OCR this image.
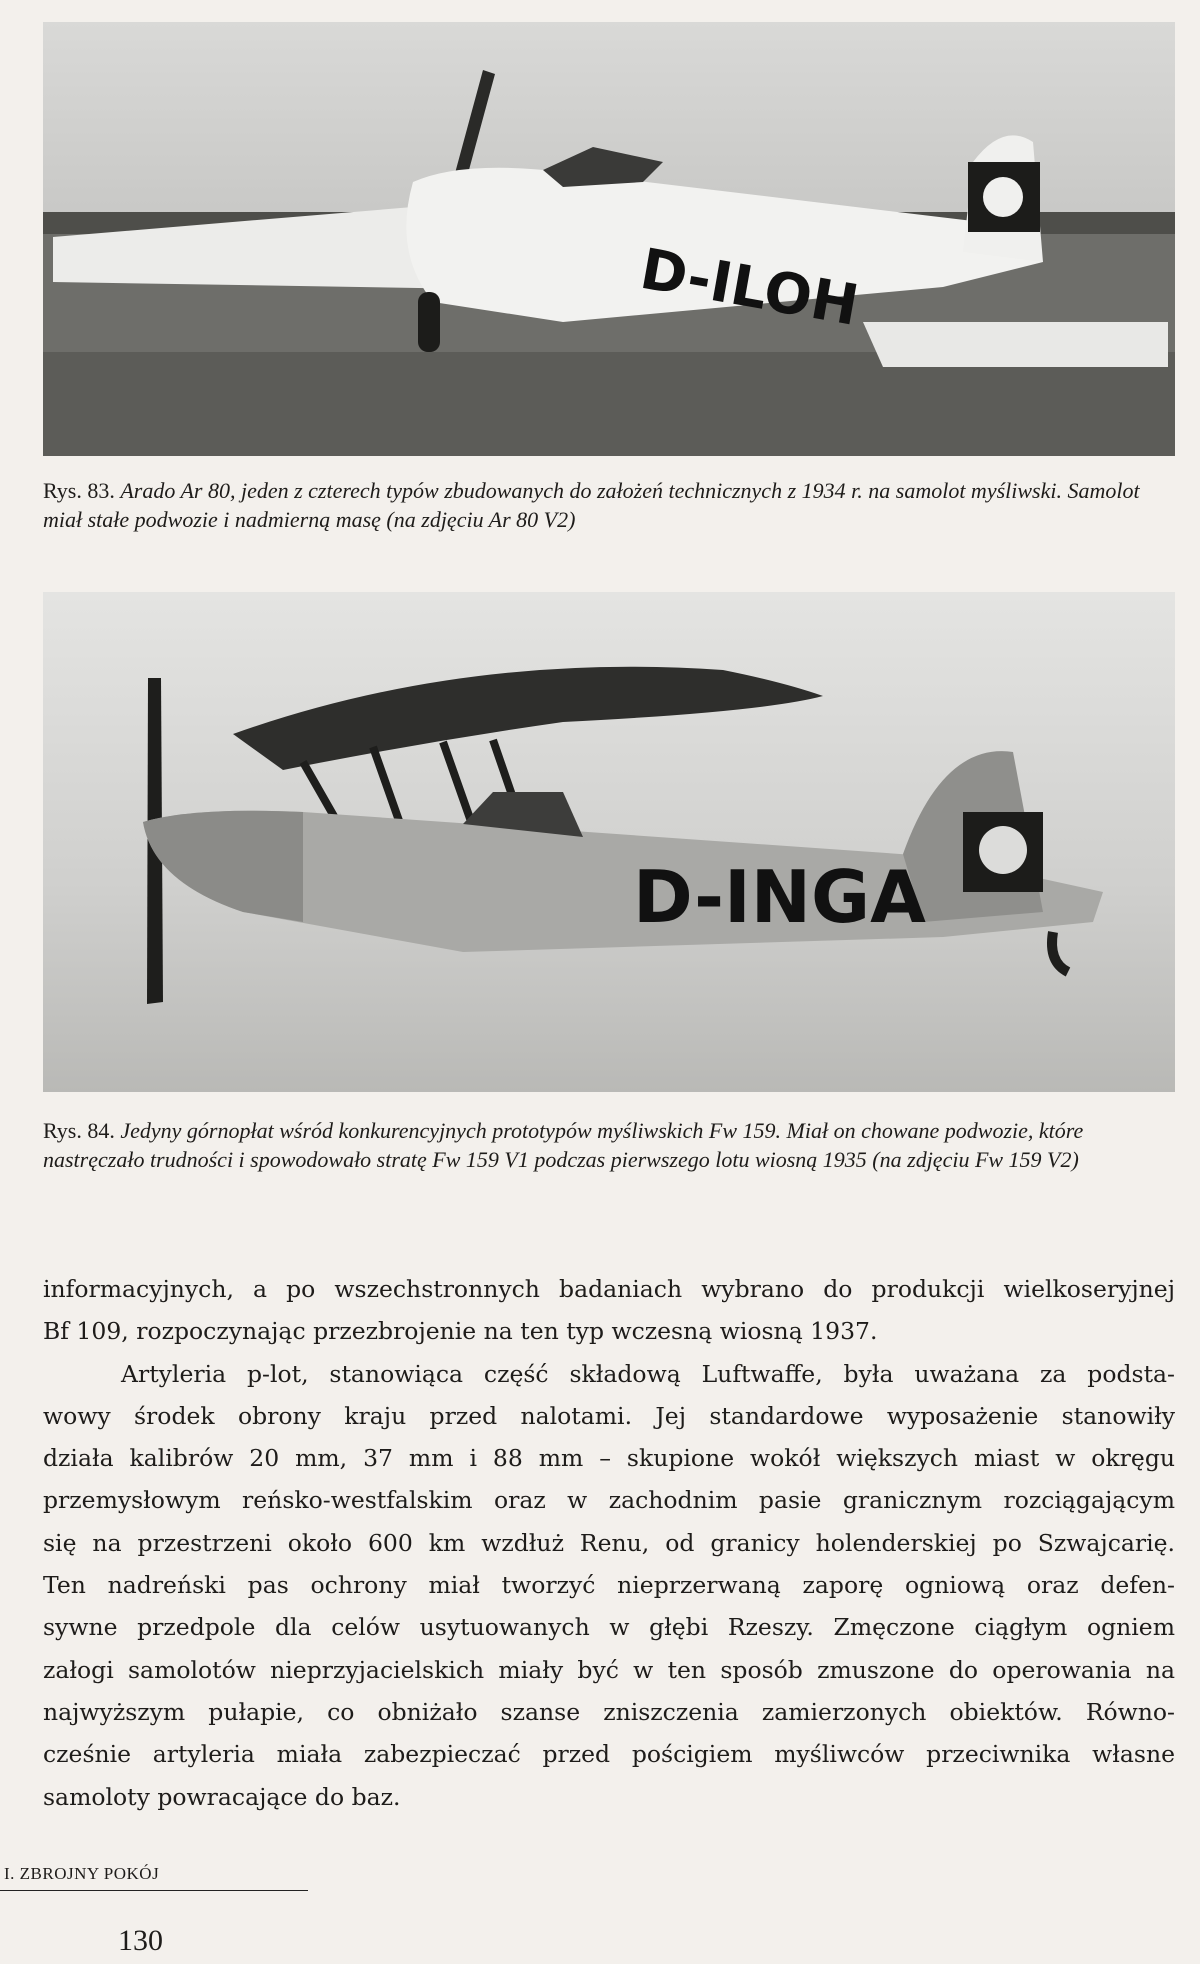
D-ILOH

Rys. 83. Arado Ar 80, jeden z czterech typów zbudowanych do założeń technicznych z 1934 r. na samolot myśliwski. Samolot miał stałe podwozie i nadmierną masę (na zdjęciu Ar 80 V2)

D-INGA

Rys. 84. Jedyny górnopłat wśród konkurencyjnych prototypów myśliwskich Fw 159. Miał on chowane podwozie, które nastręczało trudności i spowodowało stratę Fw 159 V1 podczas pierwszego lotu wiosną 1935 (na zdjęciu Fw 159 V2)

informacyjnych, a po wszechstronnych badaniach wybrano do produkcji wielkoseryjnej
Bf 109, rozpoczynając przezbrojenie na ten typ wczesną wiosną 1937.
Artyleria p-lot, stanowiąca część składową Luftwaffe, była uważana za podsta-
wowy środek obrony kraju przed nalotami. Jej standardowe wyposażenie stanowiły
działa kalibrów 20 mm, 37 mm i 88 mm – skupione wokół większych miast w okręgu
przemysłowym reńsko-westfalskim oraz w zachodnim pasie granicznym rozciągającym
się na przestrzeni około 600 km wzdłuż Renu, od granicy holenderskiej po Szwajcarię.
Ten nadreński pas ochrony miał tworzyć nieprzerwaną zaporę ogniową oraz defen-
sywne przedpole dla celów usytuowanych w głębi Rzeszy. Zmęczone ciągłym ogniem
załogi samolotów nieprzyjacielskich miały być w ten sposób zmuszone do operowania na
najwyższym pułapie, co obniżało szanse zniszczenia zamierzonych obiektów. Równo-
cześnie artyleria miała zabezpieczać przed pościgiem myśliwców przeciwnika własne
samoloty powracające do baz.
I. ZBROJNY POKÓJ
130
